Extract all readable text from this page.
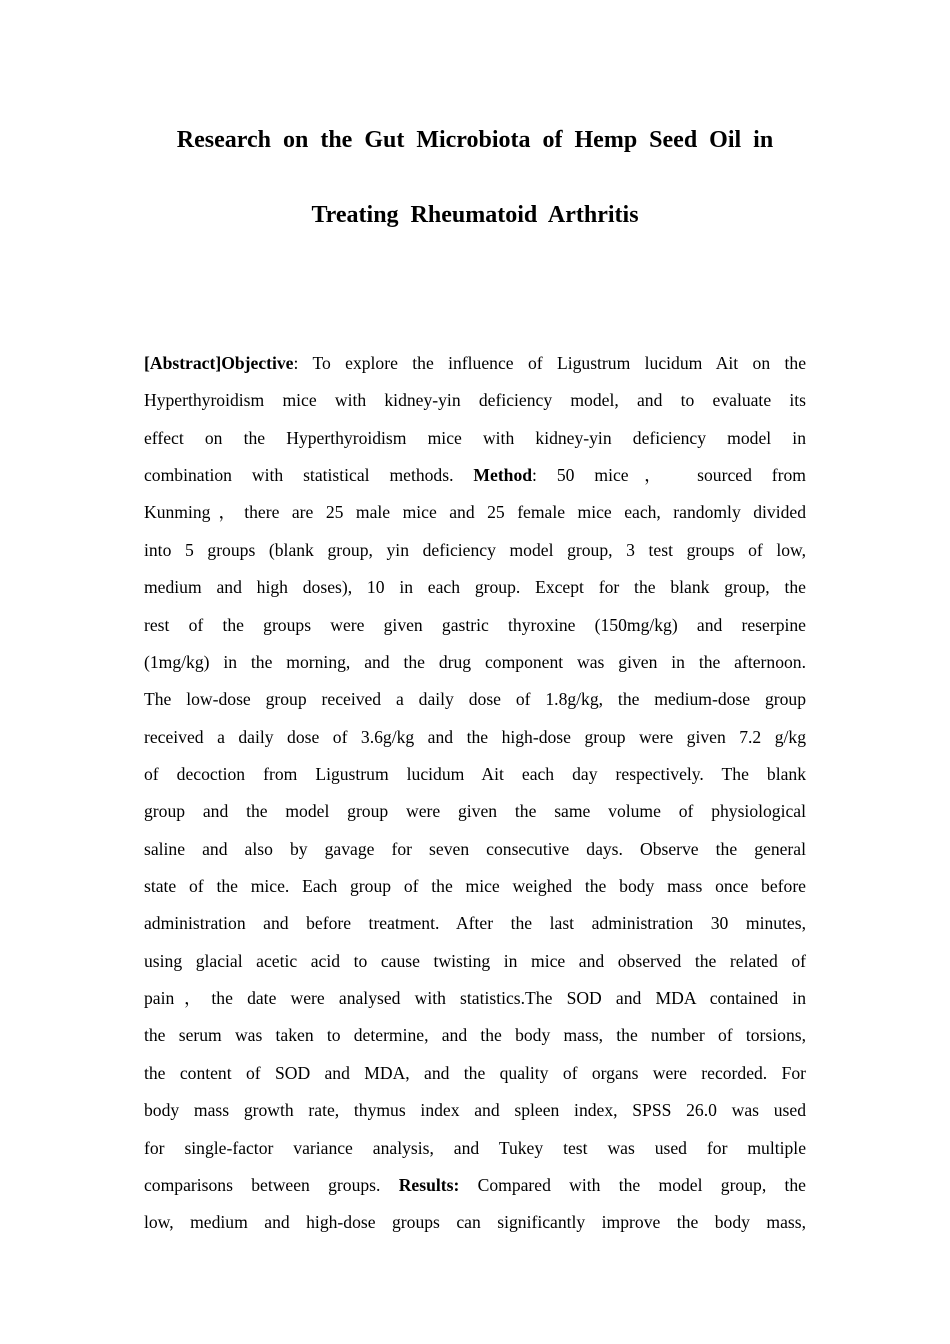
Research on the Gut Microbiota of Hemp Seed Oil in
Treating Rheumatoid Arthritis

[Abstract]Objective: To explore the influence of Ligustrum lucidum Ait on the
Hyperthyroidism mice with kidney-yin deficiency model, and to evaluate its
effect on the Hyperthyroidism mice with kidney-yin deficiency model in
combination with statistical methods. Method: 50 mice， sourced from
Kunming，there are 25 male mice and 25 female mice each, randomly divided
into 5 groups (blank group, yin deficiency model group, 3 test groups of low,
medium and high doses), 10 in each group. Except for the blank group, the
rest of the groups were given gastric thyroxine (150mg/kg) and reserpine
(1mg/kg) in the morning, and the drug component was given in the afternoon.
The low-dose group received a daily dose of 1.8g/kg, the medium-dose group
received a daily dose of 3.6g/kg and the high-dose group were given 7.2 g/kg
of decoction from Ligustrum lucidum Ait each day respectively. The blank
group and the model group were given the same volume of physiological
saline and also by gavage for seven consecutive days. Observe the general
state of the mice. Each group of the mice weighed the body mass once before
administration and before treatment. After the last administration 30 minutes,
using glacial acetic acid to cause twisting in mice and observed the related of
pain，the date were analysed with statistics.The SOD and MDA contained in
the serum was taken to determine, and the body mass, the number of torsions,
the content of SOD and MDA, and the quality of organs were recorded. For
body mass growth rate, thymus index and spleen index, SPSS 26.0 was used
for single-factor variance analysis, and Tukey test was used for multiple
comparisons between groups. Results: Compared with the model group, the
low, medium and high-dose groups can significantly improve the body mass,
